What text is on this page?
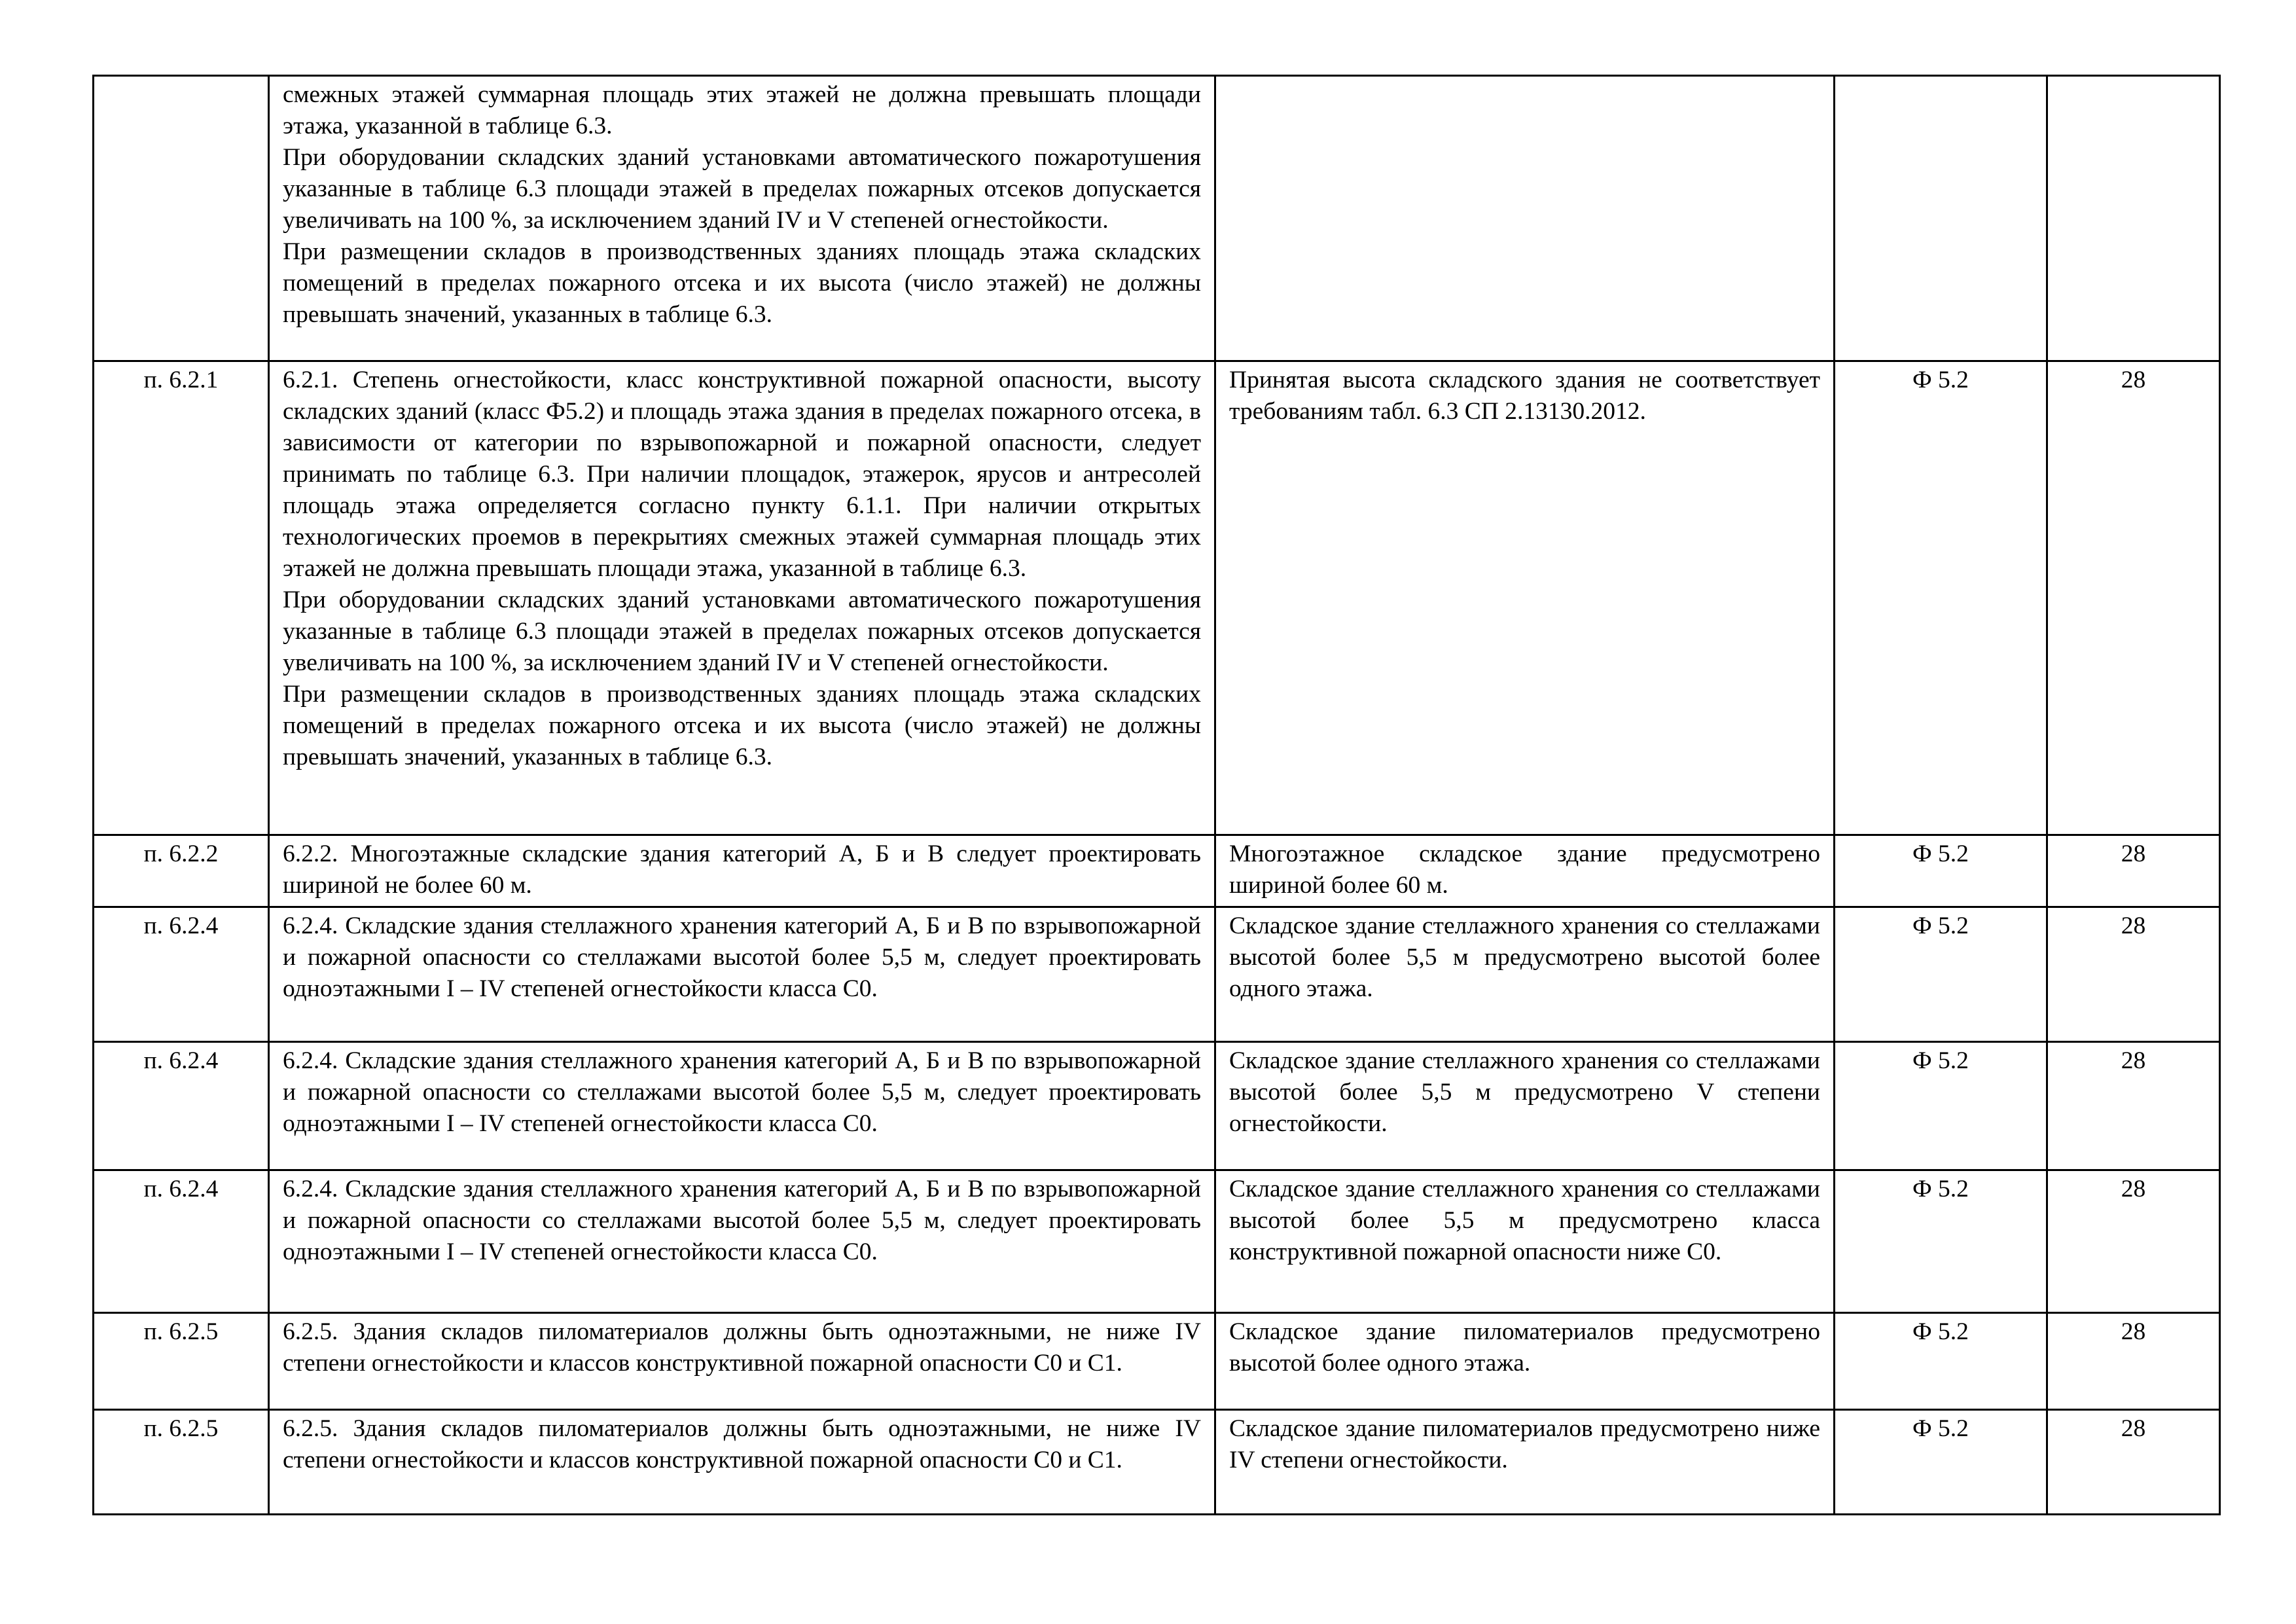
	смежных этажей суммарная площадь этих этажей не должна превышать площади этажа, указанной в таблице 6.3.
При оборудовании складских зданий установками автоматического пожаротушения указанные в таблице 6.3 площади этажей в пределах пожарных отсеков допускается увеличивать на 100 %, за исключением зданий IV и V степеней огнестойкости.
При размещении складов в производственных зданиях площадь этажа складских помещений в пределах пожарного отсека и их высота (число этажей) не должны превышать значений, указанных в таблице 6.3.			

п. 6.2.1	6.2.1. Степень огнестойкости, класс конструктивной пожарной опасности, высоту складских зданий (класс Ф5.2) и площадь этажа здания в пределах пожарного отсека, в зависимости от категории по взрывопожарной и пожарной опасности, следует принимать по таблице 6.3. При наличии площадок, этажерок, ярусов и антресолей площадь этажа определяется согласно пункту 6.1.1. При наличии открытых технологических проемов в перекрытиях смежных этажей суммарная площадь этих этажей не должна превышать площади этажа, указанной в таблице 6.3.
При оборудовании складских зданий установками автоматического пожаротушения указанные в таблице 6.3 площади этажей в пределах пожарных отсеков допускается увеличивать на 100 %, за исключением зданий IV и V степеней огнестойкости.
При размещении складов в производственных зданиях площадь этажа складских помещений в пределах пожарного отсека и их высота (число этажей) не должны превышать значений, указанных в таблице 6.3.	Принятая высота складского здания не соответствует требованиям табл. 6.3 СП 2.13130.2012.	Ф 5.2	28
п. 6.2.2	6.2.2. Многоэтажные складские здания категорий А, Б и В следует проектировать шириной не более 60 м.	Многоэтажное складское здание предусмотрено шириной более 60 м.	Ф 5.2	28
п. 6.2.4	6.2.4. Складские здания стеллажного хранения категорий А, Б и В по взрывопожарной и пожарной опасности со стеллажами высотой более 5,5 м, следует проектировать одноэтажными I – IV степеней огнестойкости класса С0.	Складское здание стеллажного хранения со стеллажами высотой более 5,5 м предусмотрено высотой более одного этажа.	Ф 5.2	28
п. 6.2.4	6.2.4. Складские здания стеллажного хранения категорий А, Б и В по взрывопожарной и пожарной опасности со стеллажами высотой более 5,5 м, следует проектировать одноэтажными I – IV степеней огнестойкости класса С0.	Складское здание стеллажного хранения со стеллажами высотой более 5,5 м предусмотрено V степени огнестойкости.	Ф 5.2	28
п. 6.2.4	6.2.4. Складские здания стеллажного хранения категорий А, Б и В по взрывопожарной и пожарной опасности со стеллажами высотой более 5,5 м, следует проектировать одноэтажными I – IV степеней огнестойкости класса С0.	Складское здание стеллажного хранения со стеллажами высотой более 5,5 м предусмотрено класса конструктивной пожарной опасности ниже С0.	Ф 5.2	28
п. 6.2.5	6.2.5. Здания складов пиломатериалов должны быть одноэтажными, не ниже IV степени огнестойкости и классов конструктивной пожарной опасности С0 и С1.	Складское здание пиломатериалов предусмотрено высотой более одного этажа.	Ф 5.2	28
п. 6.2.5	6.2.5. Здания складов пиломатериалов должны быть одноэтажными, не ниже IV степени огнестойкости и классов конструктивной пожарной опасности С0 и С1.	Складское здание пиломатериалов предусмотрено ниже IV степени огнестойкости.	Ф 5.2	28
